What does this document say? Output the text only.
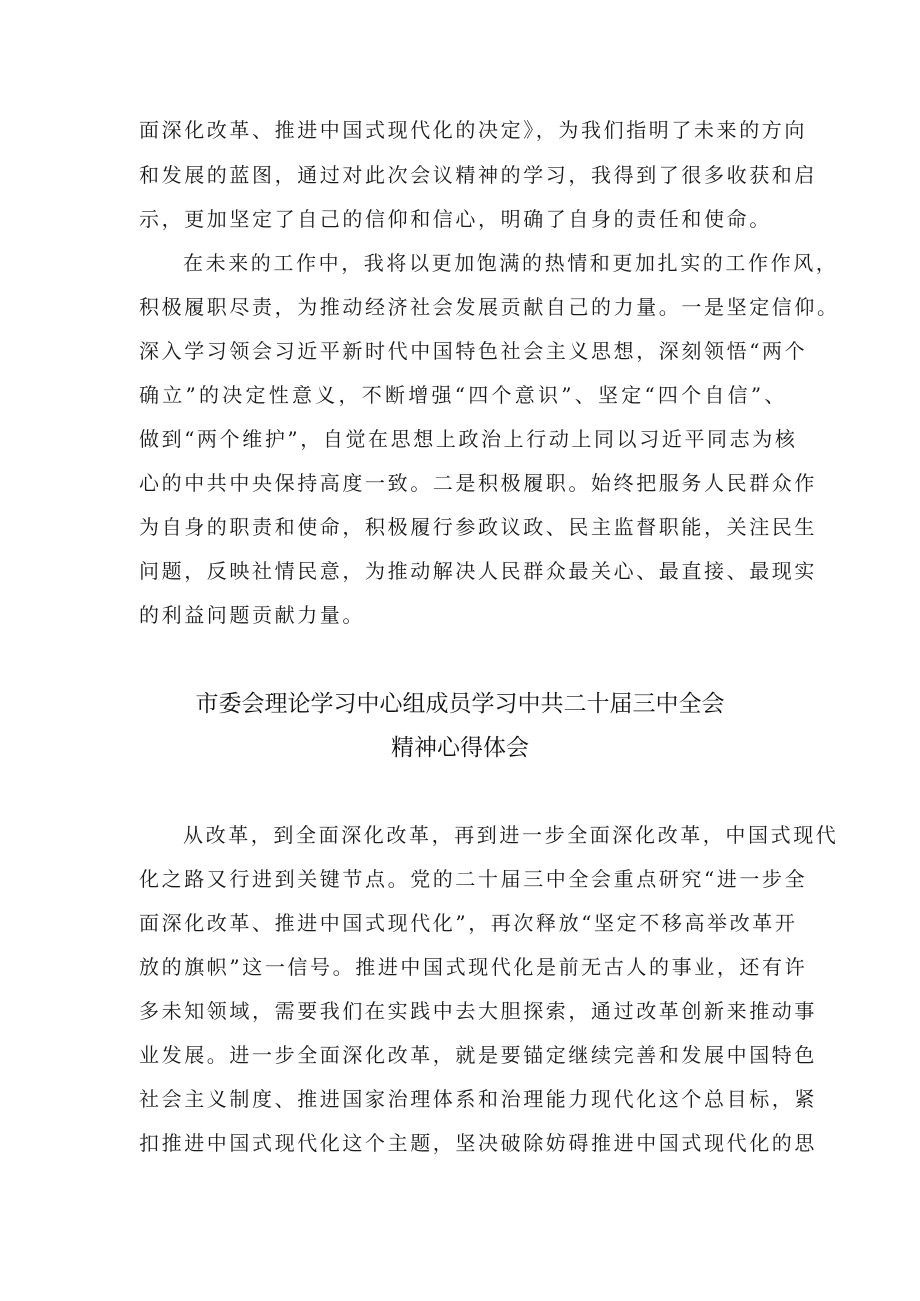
面深化改革、推进中国式现代化的决定》，为我们指明了未来的方向
和发展的蓝图，通过对此次会议精神的学习，我得到了很多收获和启
示，更加坚定了自己的信仰和信心，明确了自身的责任和使命。
在未来的工作中，我将以更加饱满的热情和更加扎实的工作作风，
积极履职尽责，为推动经济社会发展贡献自己的力量。一是坚定信仰。
深入学习领会习近平新时代中国特色社会主义思想，深刻领悟“两个
确立”的决定性意义，不断增强“四个意识”、坚定“四个自信”、
做到“两个维护”，自觉在思想上政治上行动上同以习近平同志为核
心的中共中央保持高度一致。二是积极履职。始终把服务人民群众作
为自身的职责和使命，积极履行参政议政、民主监督职能，关注民生
问题，反映社情民意，为推动解决人民群众最关心、最直接、最现实
的利益问题贡献力量。
市委会理论学习中心组成员学习中共二十届三中全会
精神心得体会
从改革，到全面深化改革，再到进一步全面深化改革，中国式现代
化之路又行进到关键节点。党的二十届三中全会重点研究“进一步全
面深化改革、推进中国式现代化”，再次释放“坚定不移高举改革开
放的旗帜”这一信号。推进中国式现代化是前无古人的事业，还有许
多未知领域，需要我们在实践中去大胆探索，通过改革创新来推动事
业发展。进一步全面深化改革，就是要锚定继续完善和发展中国特色
社会主义制度、推进国家治理体系和治理能力现代化这个总目标，紧
扣推进中国式现代化这个主题，坚决破除妨碍推进中国式现代化的思
